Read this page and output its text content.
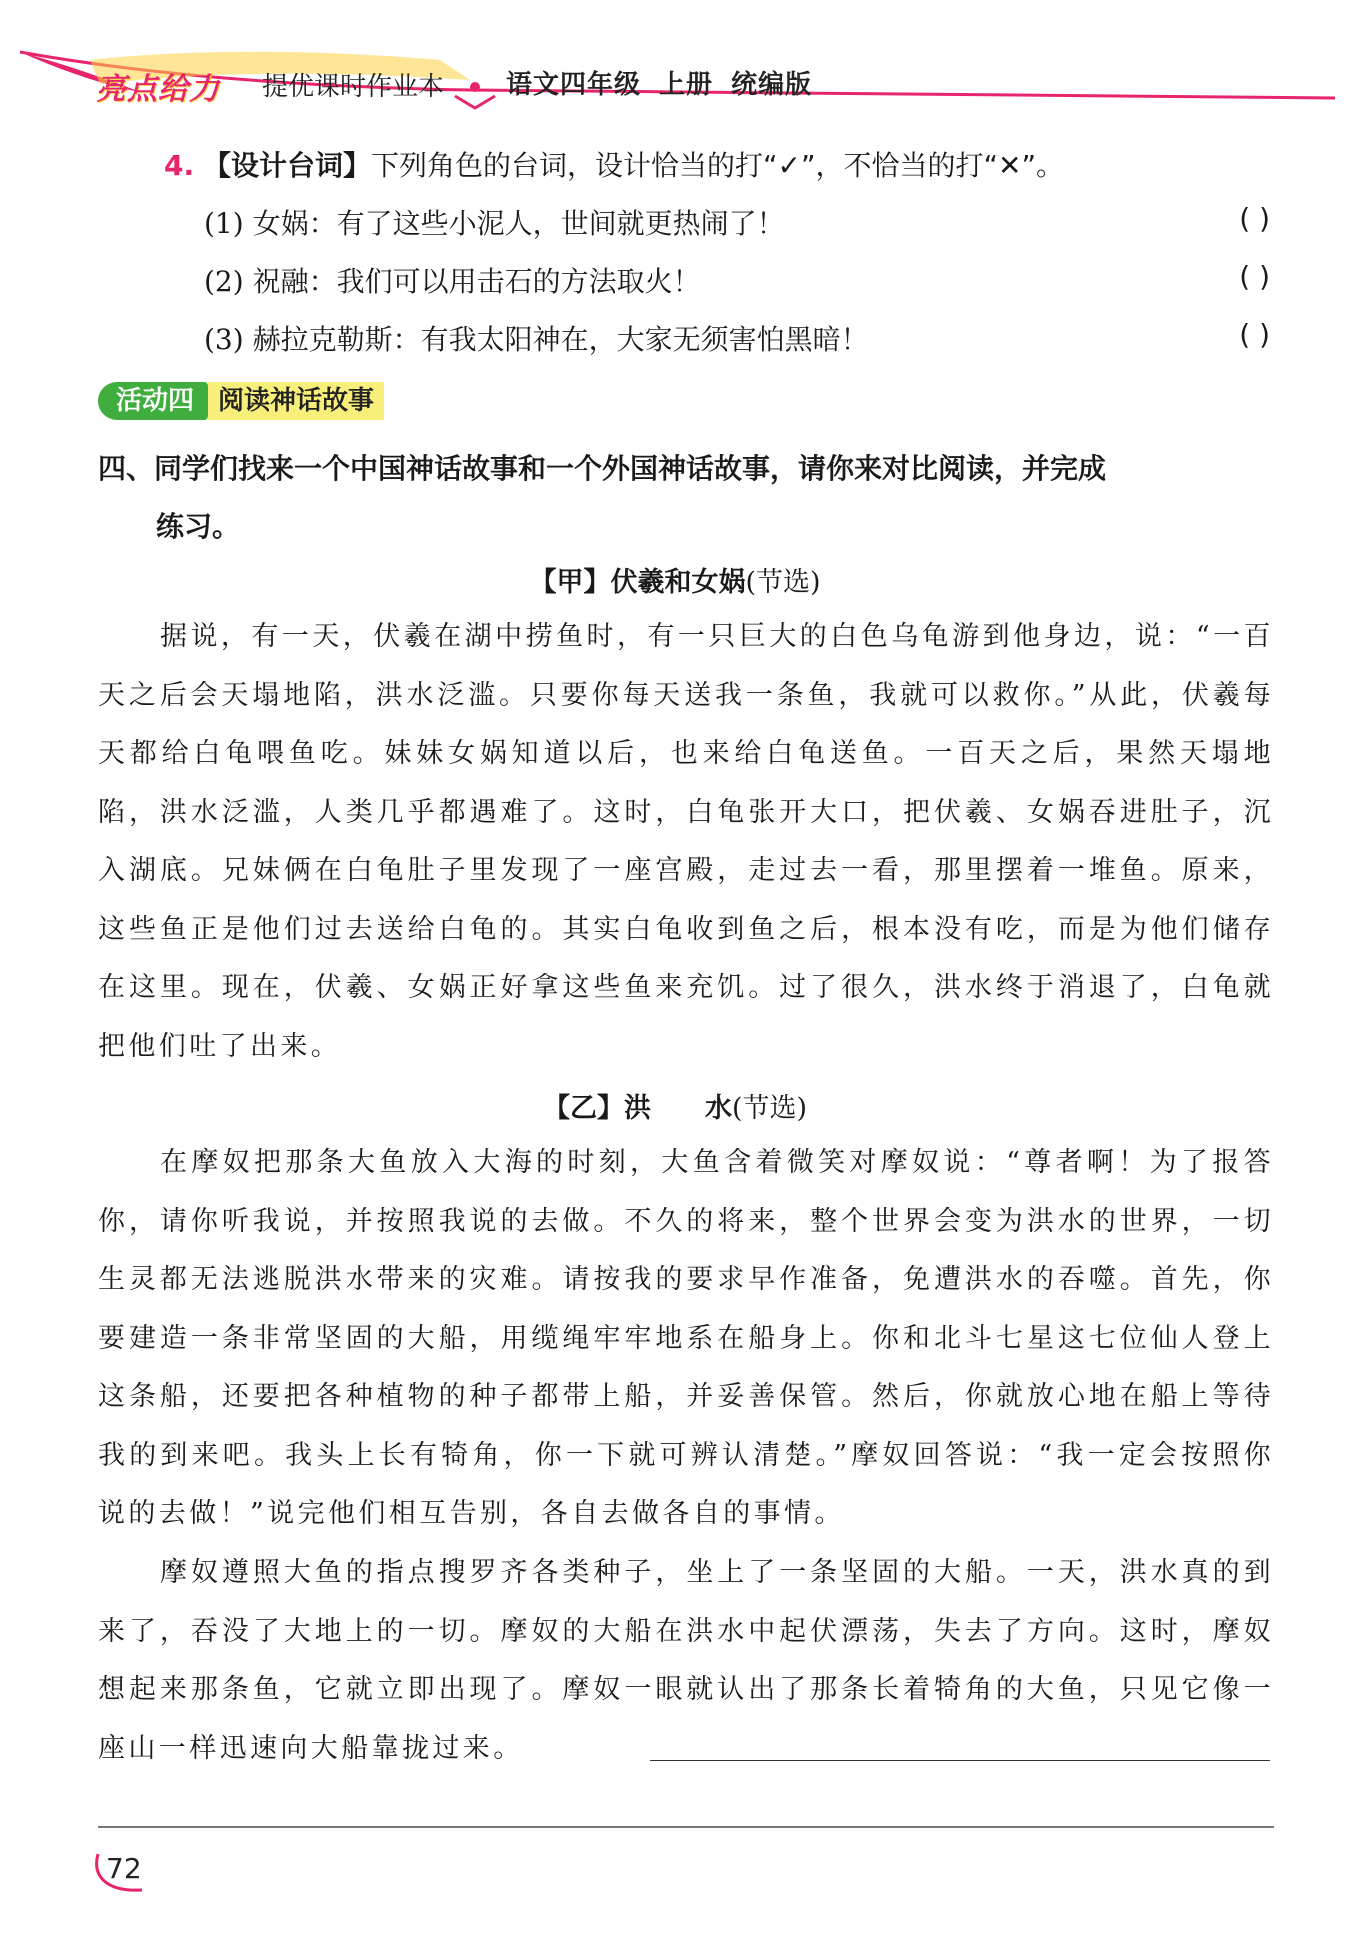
亮点给力 提优课时作业本 语文四年级 上册 统编版
4. 【设计台词】下列角色的台词，设计恰当的打“✓”，不恰当的打“✕”。
(1) 女娲：有了这些小泥人，世间就更热闹了！	( )
(2) 祝融：我们可以用击石的方法取火！	( )
(3) 赫拉克勒斯：有我太阳神在，大家无须害怕黑暗！	( )
活动四 阅读神话故事
四、同学们找来一个中国神话故事和一个外国神话故事，请你来对比阅读，并完成
练习。
【甲】伏羲和女娲(节选)
据说，有一天，伏羲在湖中捞鱼时，有一只巨大的白色乌龟游到他身边，说：“一百天之后会天塌地陷，洪水泛滥。只要你每天送我一条鱼，我就可以救你。”从此，伏羲每天都给白龟喂鱼吃。妹妹女娲知道以后，也来给白龟送鱼。一百天之后，果然天塌地陷，洪水泛滥，人类几乎都遇难了。这时，白龟张开大口，把伏羲、女娲吞进肚子，沉入湖底。兄妹俩在白龟肚子里发现了一座宫殿，走过去一看，那里摆着一堆鱼。原来，这些鱼正是他们过去送给白龟的。其实白龟收到鱼之后，根本没有吃，而是为他们储存在这里。现在，伏羲、女娲正好拿这些鱼来充饥。过了很久，洪水终于消退了，白龟就把他们吐了出来。
【乙】洪　　水(节选)
在摩奴把那条大鱼放入大海的时刻，大鱼含着微笑对摩奴说：“尊者啊！为了报答你，请你听我说，并按照我说的去做。不久的将来，整个世界会变为洪水的世界，一切生灵都无法逃脱洪水带来的灾难。请按我的要求早作准备，免遭洪水的吞噬。首先，你要建造一条非常坚固的大船，用缆绳牢牢地系在船身上。你和北斗七星这七位仙人登上这条船，还要把各种植物的种子都带上船，并妥善保管。然后，你就放心地在船上等待我的到来吧。我头上长有犄角，你一下就可辨认清楚。”摩奴回答说：“我一定会按照你说的去做！”说完他们相互告别，各自去做各自的事情。
摩奴遵照大鱼的指点搜罗齐各类种子，坐上了一条坚固的大船。一天，洪水真的到来了，吞没了大地上的一切。摩奴的大船在洪水中起伏漂荡，失去了方向。这时，摩奴想起来那条鱼，它就立即出现了。摩奴一眼就认出了那条长着犄角的大鱼，只见它像一座山一样迅速向大船靠拢过来。
72
